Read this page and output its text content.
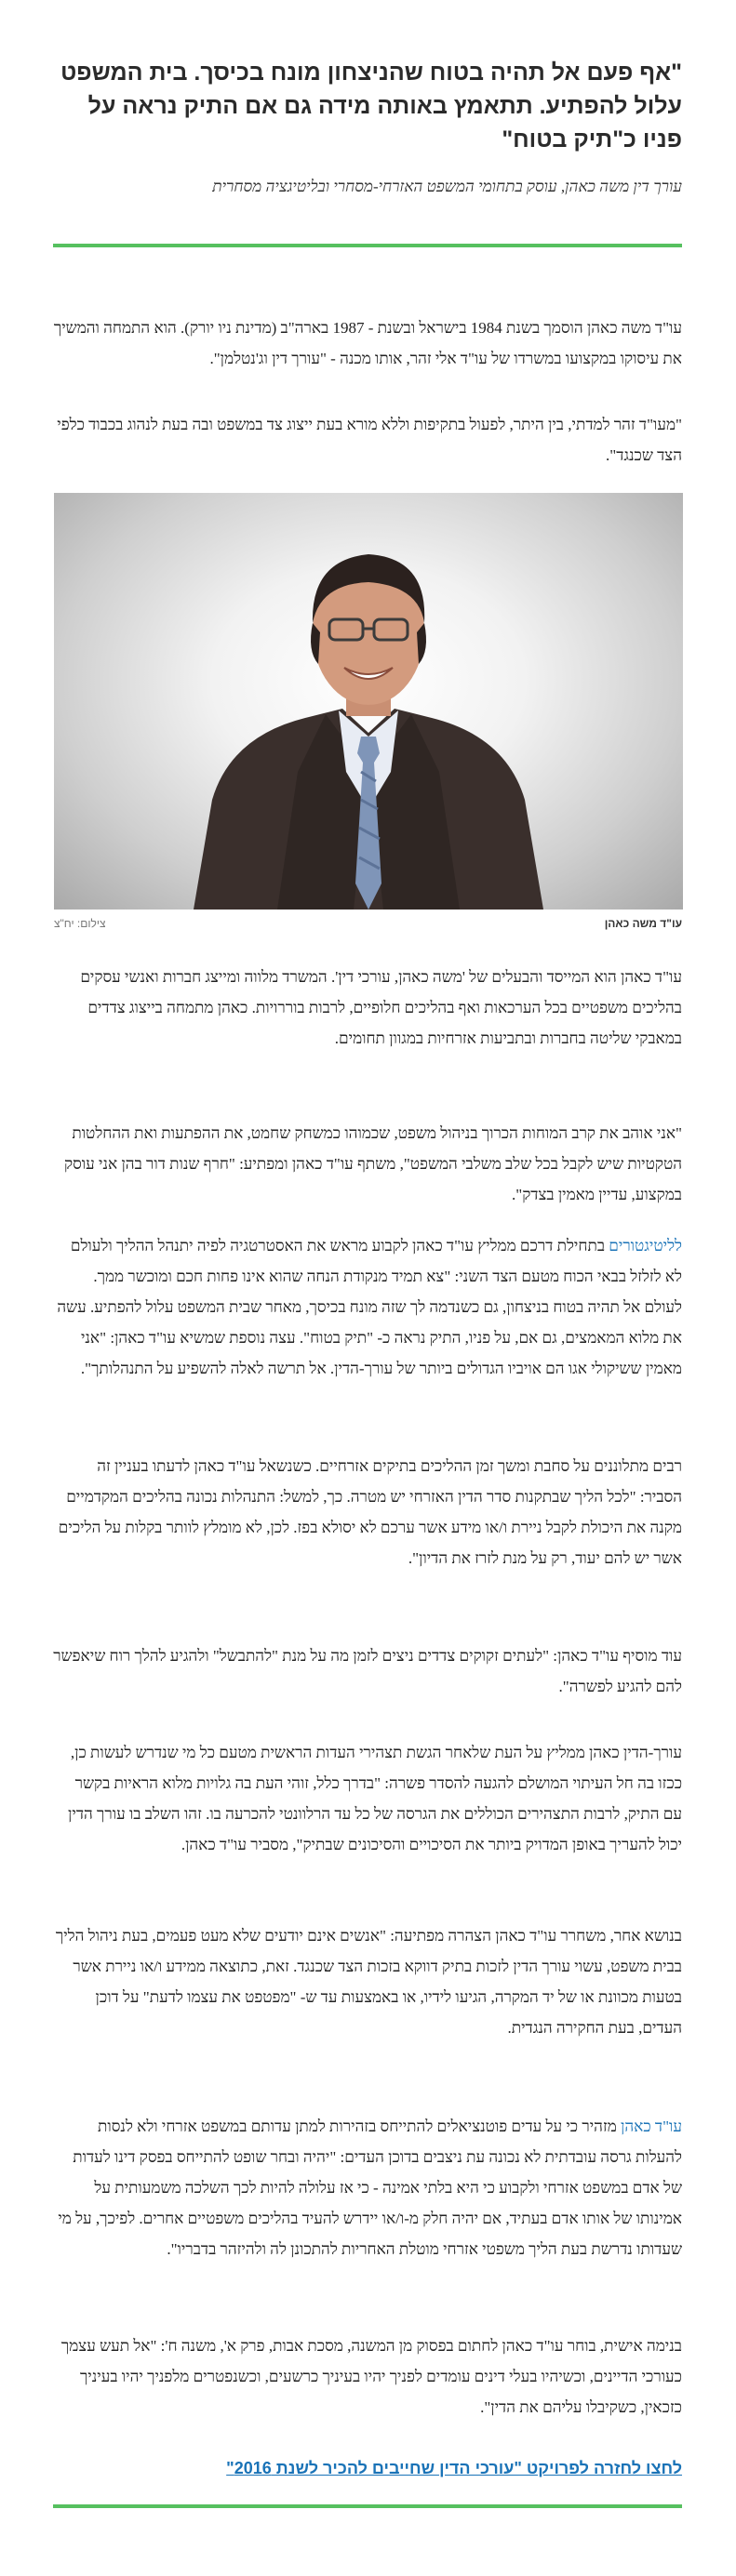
"אף פעם אל תהיה בטוח שהניצחון מונח בכיסך. בית המשפט עלול להפתיע. תתאמץ באותה מידה גם אם התיק נראה על פניו כ"תיק בטוח"

עורך דין משה כאהן, עוסק בתחומי המשפט האזרחי-מסחרי ובליטיגציה מסחרית

עו"ד משה כאהן הוסמך בשנת 1984 בישראל ובשנת - 1987 בארה"ב (מדינת ניו יורק). הוא התמחה והמשיך את עיסוקו במקצועו במשרדו של עו"ד אלי זהר, אותו מכנה - "עורך דין וג'נטלמן".

"מעו"ד זהר למדתי, בין היתר, לפעול בתקיפות וללא מורא בעת ייצוג צד במשפט ובה בעת לנהוג בכבוד כלפי הצד שכנגד".

עו"ד משה כאהן
צילום: יח"צ

עו"ד כאהן הוא המייסד והבעלים של 'משה כאהן, עורכי דין'. המשרד מלווה ומייצג חברות ואנשי עסקים בהליכים משפטיים בכל הערכאות ואף בהליכים חלופיים, לרבות בוררויות. כאהן מתמחה בייצוג צדדים במאבקי שליטה בחברות ובתביעות אזרחיות במגוון תחומים.

"אני אוהב את קרב המוחות הכרוך בניהול משפט, שכמוהו כמשחק שחמט, את ההפתעות ואת ההחלטות הטקטיות שיש לקבל בכל שלב משלבי המשפט", משתף עו"ד כאהן ומפתיע: "חרף שנות דור בהן אני עוסק במקצוע, עדיין מאמין בצדק".

לליטיגטורים בתחילת דרכם ממליץ עו"ד כאהן לקבוע מראש את האסטרטגיה לפיה יתנהל ההליך ולעולם לא לזלזל בבאי הכוח מטעם הצד השני: "צא תמיד מנקודת הנחה שהוא אינו פחות חכם ומוכשר ממך. לעולם אל תהיה בטוח בניצחון, גם כשנדמה לך שזה מונח בכיסך, מאחר שבית המשפט עלול להפתיע. עשה את מלוא המאמצים, גם אם, על פניו, התיק נראה כ- "תיק בטוח". עצה נוספת שמשיא עו"ד כאהן: "אני מאמין ששיקולי אגו הם אויביו הגדולים ביותר של עורך-הדין. אל תרשה לאלה להשפיע על התנהלותך".

רבים מתלוננים על סחבת ומשך זמן ההליכים בתיקים אזרחיים. כשנשאל עו"ד כאהן לדעתו בעניין זה הסביר: "לכל הליך שבתקנות סדר הדין האזרחי יש מטרה. כך, למשל: התנהלות נכונה בהליכים המקדמיים מקנה את היכולת לקבל ניירת ו/או מידע אשר ערכם לא יסולא בפז. לכן, לא מומלץ לוותר בקלות על הליכים אשר יש להם יעוד, רק על מנת לזרז את הדיון".

עוד מוסיף עו"ד כאהן: "לעתים זקוקים צדדים ניצים לזמן מה על מנת "להתבשל" ולהגיע להלך רוח שיאפשר להם להגיע לפשרה".

עורך-הדין כאהן ממליץ על העת שלאחר הגשת תצהירי העדות הראשית מטעם כל מי שנדרש לעשות כן, ככזו בה חל העיתוי המושלם להגעה להסדר פשרה: "בדרך כלל, זוהי העת בה גלויות מלוא הראיות בקשר עם התיק, לרבות התצהירים הכוללים את הגרסה של כל עד הרלוונטי להכרעה בו. זהו השלב בו עורך הדין יכול להעריך באופן המדויק ביותר את הסיכויים והסיכונים שבתיק", מסביר עו"ד כאהן.

בנושא אחר, משחרר עו"ד כאהן הצהרה מפתיעה: "אנשים אינם יודעים שלא מעט פעמים, בעת ניהול הליך בבית משפט, עשוי עורך הדין לזכות בתיק דווקא בזכות הצד שכנגד. זאת, כתוצאה ממידע ו/או ניירת אשר בטעות מכוונת או של יד המקרה, הגיעו לידיו, או באמצעות עד ש- "מפטפט את עצמו לדעת" על דוכן העדים, בעת החקירה הנגדית.

עו"ד כאהן מזהיר כי על עדים פוטנציאלים להתייחס בזהירות למתן עדותם במשפט אזרחי ולא לנסות להעלות גרסה עובדתית לא נכונה עת ניצבים בדוכן העדים: "יהיה ובחר שופט להתייחס בפסק דינו לעדות של אדם במשפט אזרחי ולקבוע כי היא בלתי אמינה - כי אז עלולה להיות לכך השלכה משמעותית על אמינותו של אותו אדם בעתיד, אם יהיה חלק מ-ו/או יידרש להעיד בהליכים משפטיים אחרים. לפיכך, על מי שעדותו נדרשת בעת הליך משפטי אזרחי מוטלת האחריות להתכונן לה ולהיזהר בדבריו".

בנימה אישית, בוחר עו"ד כאהן לחתום בפסוק מן המשנה, מסכת אבות, פרק א', משנה ח': "אל תעש עצמך כעורכי הדיינים, וכשיהיו בעלי דינים עומדים לפניך יהיו בעיניך כרשעים, וכשנפטרים מלפניך יהיו בעיניך כזכאין, כשקיבלו עליהם את הדין".

לחצו לחזרה לפרויקט "עורכי הדין שחייבים להכיר לשנת 2016"
